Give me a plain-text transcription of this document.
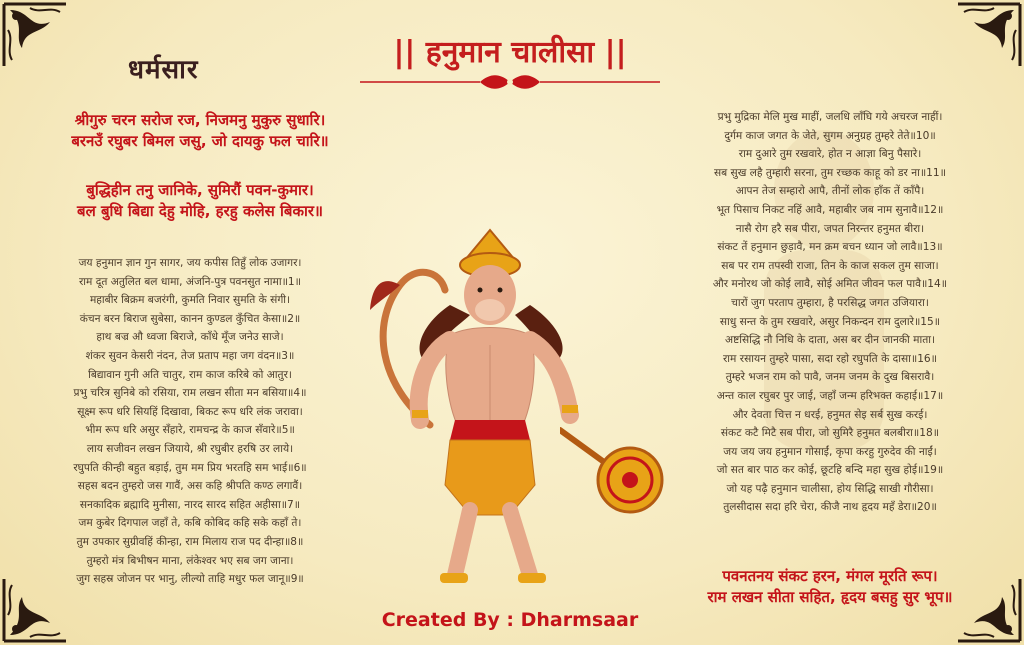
धर्मसार	|| हनुमान चालीसा ||
श्रीगुरु चरन सरोज रज, निजमनु मुकुरु सुधारि।
बरनउँ रघुबर बिमल जसु, जो दायकु फल चारि॥
बुद्धिहीन तनु जानिके, सुमिरौं पवन-कुमार।
बल बुधि बिद्या देहु मोहि, हरहु कलेस बिकार॥
जय हनुमान ज्ञान गुन सागर, जय कपीस तिहुँ लोक उजागर।
राम दूत अतुलित बल धामा, अंजनि-पुत्र पवनसुत नामा॥1॥
महाबीर बिक्रम बजरंगी, कुमति निवार सुमति के संगी।
कंचन बरन बिराज सुबेसा, कानन कुण्डल कुँचित केसा॥2॥
हाथ बज्र औ ध्वजा बिराजे, काँधे मूँज जनेउ साजे।
शंकर सुवन केसरी नंदन, तेज प्रताप महा जग वंदन॥3॥
बिद्यावान गुनी अति चातुर, राम काज करिबे को आतुर।
प्रभु चरित्र सुनिबे को रसिया, राम लखन सीता मन बसिया॥4॥
सूक्ष्म रूप धरि सियहिं दिखावा, बिकट रूप धरि लंक जरावा।
भीम रूप धरि असुर सँहारे, रामचन्द्र के काज सँवारे॥5॥
लाय सजीवन लखन जियाये, श्री रघुबीर हरषि उर लाये।
रघुपति कीन्ही बहुत बड़ाई, तुम मम प्रिय भरतहि सम भाई॥6॥
सहस बदन तुम्हरो जस गावैं, अस कहि श्रीपति कण्ठ लगावैं।
सनकादिक ब्रह्मादि मुनीसा, नारद सारद सहित अहीसा॥7॥
जम कुबेर दिगपाल जहाँ ते, कबि कोबिद कहि सके कहाँ ते।
तुम उपकार सुग्रीवहिं कीन्हा, राम मिलाय राज पद दीन्हा॥8॥
तुम्हरो मंत्र बिभीषन माना, लंकेश्वर भए सब जग जाना।
जुग सहस्र जोजन पर भानु, लील्यो ताहि मधुर फल जानू॥9॥
प्रभु मुद्रिका मेलि मुख माहीं, जलधि लाँघि गये अचरज नाहीं।
दुर्गम काज जगत के जेते, सुगम अनुग्रह तुम्हरे तेते॥10॥
राम दुआरे तुम रखवारे, होत न आज्ञा बिनु पैसारे।
सब सुख लहै तुम्हारी सरना, तुम रच्छक काहू को डर ना॥11॥
आपन तेज सम्हारो आपै, तीनों लोक हाँक तें काँपै।
भूत पिसाच निकट नहिं आवै, महाबीर जब नाम सुनावै॥12॥
नासै रोग हरै सब पीरा, जपत निरन्तर हनुमत बीरा।
संकट तें हनुमान छुड़ावै, मन क्रम बचन ध्यान जो लावै॥13॥
सब पर राम तपस्वी राजा, तिन के काज सकल तुम साजा।
और मनोरथ जो कोई लावै, सोई अमित जीवन फल पावै॥14॥
चारों जुग परताप तुम्हारा, है परसिद्ध जगत उजियारा।
साधु सन्त के तुम रखवारे, असुर निकन्दन राम दुलारे॥15॥
अष्टसिद्धि नौ निधि के दाता, अस बर दीन जानकी माता।
राम रसायन तुम्हरे पासा, सदा रहो रघुपति के दासा॥16॥
तुम्हरे भजन राम को पावै, जनम जनम के दुख बिसरावै।
अन्त काल रघुबर पुर जाई, जहाँ जन्म हरिभक्त कहाई॥17॥
और देवता चित्त न धरई, हनुमत सेइ सर्ब सुख करई।
संकट कटै मिटै सब पीरा, जो सुमिरै हनुमत बलबीरा॥18॥
जय जय जय हनुमान गोसाईं, कृपा करहु गुरुदेव की नाईं।
जो सत बार पाठ कर कोई, छूटहि बन्दि महा सुख होई॥19॥
जो यह पढ़ै हनुमान चालीसा, होय सिद्धि साखी गौरीसा।
तुलसीदास सदा हरि चेरा, कीजै नाथ हृदय महँ डेरा॥20॥
पवनतनय संकट हरन, मंगल मूरति रूप।
राम लखन सीता सहित, हृदय बसहु सुर भूप॥
Created By : Dharmsaar
